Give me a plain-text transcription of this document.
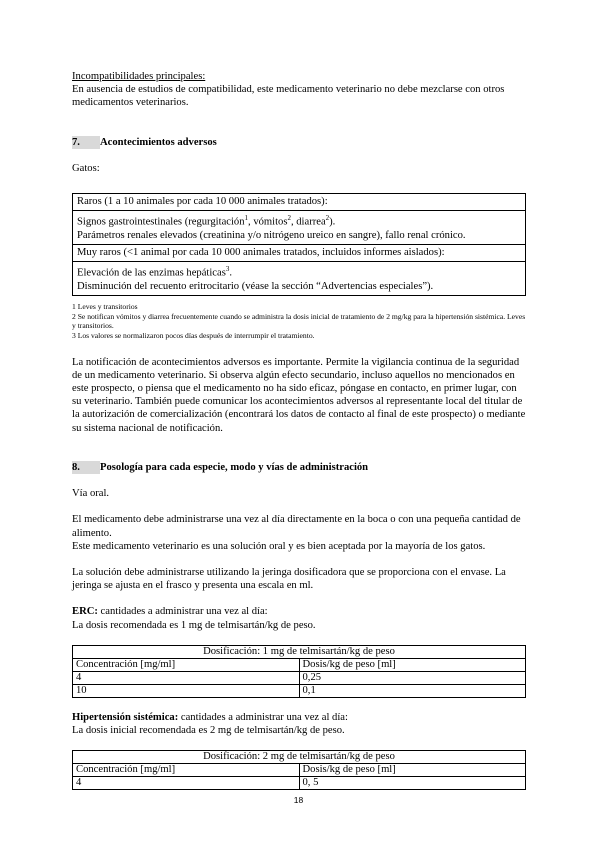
Incompatibilidades principales:

En ausencia de estudios de compatibilidad, este medicamento veterinario no debe mezclarse con otros medicamentos veterinarios.

7.	Acontecimientos adversos

Gatos:

Raros (1 a 10 animales por cada 10 000 animales tratados):
Signos gastrointestinales (regurgitación$^1$, vómitos$^2$, diarrea$^2$).
Parámetros renales elevados (creatinina y/o nitrógeno ureico en sangre), fallo renal crónico.
Muy raros (<1 animal por cada 10 000 animales tratados, incluidos informes aislados):
Elevación de las enzimas hepáticas$^3$.
Disminución del recuento eritrocitario (véase la sección “Advertencias especiales”).

1 Leves y transitorios

2 Se notifican vómitos y diarrea frecuentemente cuando se administra la dosis inicial de tratamiento de 2 mg/kg para la hipertensión sistémica. Leves y transitorios.

3 Los valores se normalizaron pocos días después de interrumpir el tratamiento.

La notificación de acontecimientos adversos es importante. Permite la vigilancia continua de la seguridad de un medicamento veterinario. Si observa algún efecto secundario, incluso aquellos no mencionados en este prospecto, o piensa que el medicamento no ha sido eficaz, póngase en contacto, en primer lugar, con su veterinario. También puede comunicar los acontecimientos adversos al representante local del titular de la autorización de comercialización (encontrará los datos de contacto al final de este prospecto) o mediante su sistema nacional de notificación.

8.	Posología para cada especie, modo y vías de administración

Vía oral.

El medicamento debe administrarse una vez al día directamente en la boca o con una pequeña cantidad de alimento.

Este medicamento veterinario es una solución oral y es bien aceptada por la mayoría de los gatos.

La solución debe administrarse utilizando la jeringa dosificadora que se proporciona con el envase. La jeringa se ajusta en el frasco y presenta una escala en ml.

ERC: cantidades a administrar una vez al día:

La dosis recomendada es 1 mg de telmisartán/kg de peso.

Dosificación: 1 mg de telmisartán/kg de peso	
Concentración [mg/ml]	Dosis/kg de peso [ml]
4	0,25
10	0,1

Hipertensión sistémica: cantidades a administrar una vez al día:

La dosis inicial recomendada es 2 mg de telmisartán/kg de peso.

Dosificación: 2 mg de telmisartán/kg de peso	
Concentración [mg/ml]	Dosis/kg de peso [ml]
4	0, 5
18
